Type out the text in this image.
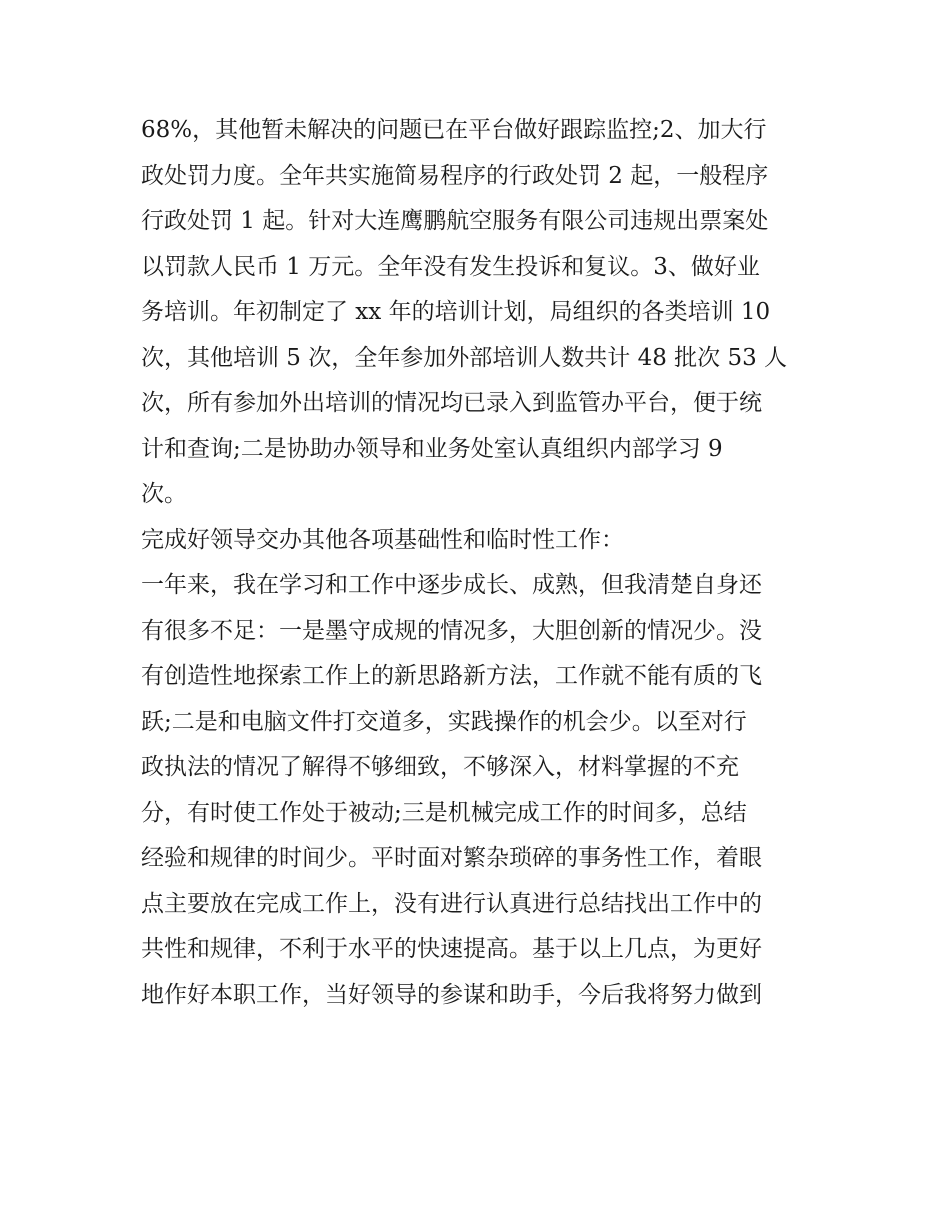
68%，其他暂未解决的问题已在平台做好跟踪监控;2、加大行
政处罚力度。全年共实施简易程序的行政处罚 2 起，一般程序
行政处罚 1 起。针对大连鹰鹏航空服务有限公司违规出票案处
以罚款人民币 1 万元。全年没有发生投诉和复议。3、做好业
务培训。年初制定了 xx 年的培训计划，局组织的各类培训 10
次，其他培训 5 次，全年参加外部培训人数共计 48 批次 53 人
次，所有参加外出培训的情况均已录入到监管办平台，便于统
计和查询;二是协助办领导和业务处室认真组织内部学习 9
次。
完成好领导交办其他各项基础性和临时性工作：
一年来，我在学习和工作中逐步成长、成熟，但我清楚自身还
有很多不足：一是墨守成规的情况多，大胆创新的情况少。没
有创造性地探索工作上的新思路新方法，工作就不能有质的飞
跃;二是和电脑文件打交道多，实践操作的机会少。以至对行
政执法的情况了解得不够细致，不够深入，材料掌握的不充
分，有时使工作处于被动;三是机械完成工作的时间多，总结
经验和规律的时间少。平时面对繁杂琐碎的事务性工作，着眼
点主要放在完成工作上，没有进行认真进行总结找出工作中的
共性和规律，不利于水平的快速提高。基于以上几点，为更好
地作好本职工作，当好领导的参谋和助手，今后我将努力做到
